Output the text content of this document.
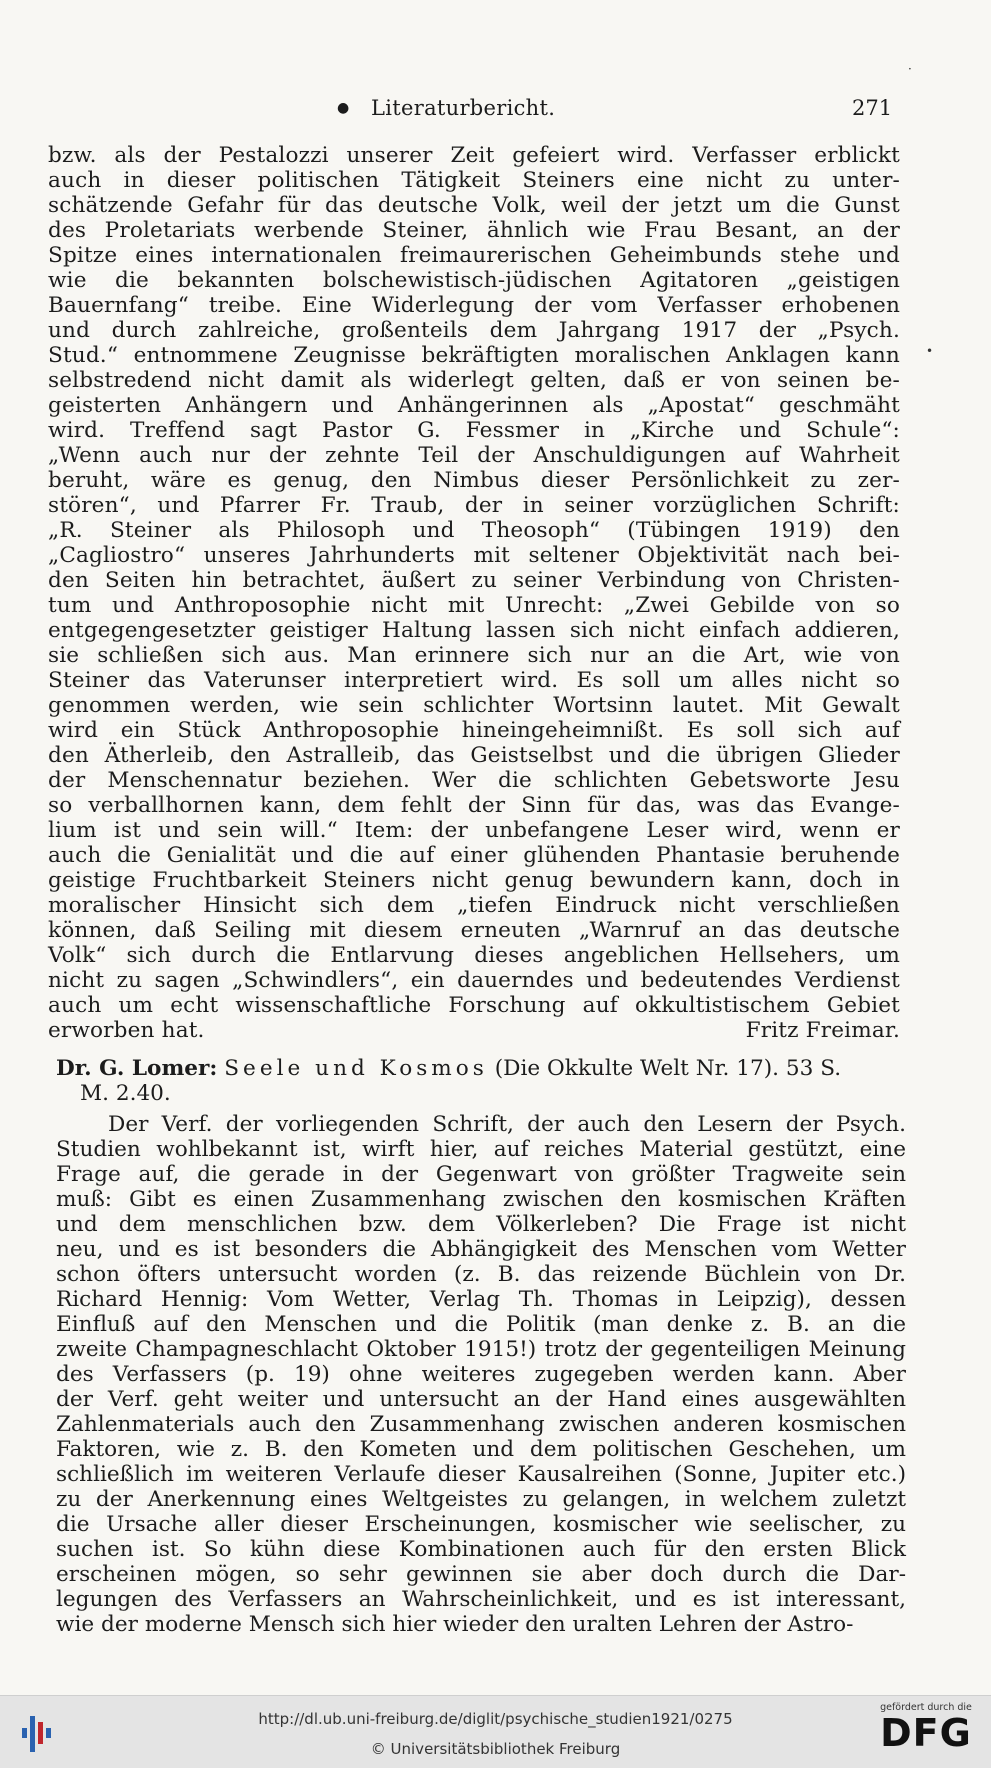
● Literaturbericht.	271
·
•
bzw. als der Pestalozzi unserer Zeit gefeiert wird. Verfasser erblickt
auch in dieser politischen Tätigkeit Steiners eine nicht zu unter-
schätzende Gefahr für das deutsche Volk, weil der jetzt um die Gunst
des Proletariats werbende Steiner, ähnlich wie Frau Besant, an der
Spitze eines internationalen freimaurerischen Geheimbunds stehe und
wie die bekannten bolschewistisch-jüdischen Agitatoren „geistigen
Bauernfang“ treibe. Eine Widerlegung der vom Verfasser erhobenen
und durch zahlreiche, großenteils dem Jahrgang 1917 der „Psych.
Stud.“ entnommene Zeugnisse bekräftigten moralischen Anklagen kann
selbstredend nicht damit als widerlegt gelten, daß er von seinen be-
geisterten Anhängern und Anhängerinnen als „Apostat“ geschmäht
wird. Treffend sagt Pastor G. Fessmer in „Kirche und Schule“:
„Wenn auch nur der zehnte Teil der Anschuldigungen auf Wahrheit
beruht, wäre es genug, den Nimbus dieser Persönlichkeit zu zer-
stören“, und Pfarrer Fr. Traub, der in seiner vorzüglichen Schrift:
„R. Steiner als Philosoph und Theosoph“ (Tübingen 1919) den
„Cagliostro“ unseres Jahrhunderts mit seltener Objektivität nach bei-
den Seiten hin betrachtet, äußert zu seiner Verbindung von Christen-
tum und Anthroposophie nicht mit Unrecht: „Zwei Gebilde von so
entgegengesetzter geistiger Haltung lassen sich nicht einfach addieren,
sie schließen sich aus. Man erinnere sich nur an die Art, wie von
Steiner das Vaterunser interpretiert wird. Es soll um alles nicht so
genommen werden, wie sein schlichter Wortsinn lautet. Mit Gewalt
wird ein Stück Anthroposophie hineingeheimnißt. Es soll sich auf
den Ätherleib, den Astralleib, das Geistselbst und die übrigen Glieder
der Menschennatur beziehen. Wer die schlichten Gebetsworte Jesu
so verballhornen kann, dem fehlt der Sinn für das, was das Evange-
lium ist und sein will.“ Item: der unbefangene Leser wird, wenn er
auch die Genialität und die auf einer glühenden Phantasie beruhende
geistige Fruchtbarkeit Steiners nicht genug bewundern kann, doch in
moralischer Hinsicht sich dem „tiefen Eindruck nicht verschließen
können, daß Seiling mit diesem erneuten „Warnruf an das deutsche
Volk“ sich durch die Entlarvung dieses angeblichen Hellsehers, um
nicht zu sagen „Schwindlers“, ein dauerndes und bedeutendes Verdienst
auch um echt wissenschaftliche Forschung auf okkultistischem Gebiet
erworben hat.	Fritz Freimar.
Dr. G. Lomer: Seele und Kosmos (Die Okkulte Welt Nr. 17). 53 S.
M. 2.40.
Der Verf. der vorliegenden Schrift, der auch den Lesern der Psych.
Studien wohlbekannt ist, wirft hier, auf reiches Material gestützt, eine
Frage auf, die gerade in der Gegenwart von größter Tragweite sein
muß: Gibt es einen Zusammenhang zwischen den kosmischen Kräften
und dem menschlichen bzw. dem Völkerleben? Die Frage ist nicht
neu, und es ist besonders die Abhängigkeit des Menschen vom Wetter
schon öfters untersucht worden (z. B. das reizende Büchlein von Dr.
Richard Hennig: Vom Wetter, Verlag Th. Thomas in Leipzig), dessen
Einfluß auf den Menschen und die Politik (man denke z. B. an die
zweite Champagneschlacht Oktober 1915!) trotz der gegenteiligen Meinung
des Verfassers (p. 19) ohne weiteres zugegeben werden kann. Aber
der Verf. geht weiter und untersucht an der Hand eines ausgewählten
Zahlenmaterials auch den Zusammenhang zwischen anderen kosmischen
Faktoren, wie z. B. den Kometen und dem politischen Geschehen, um
schließlich im weiteren Verlaufe dieser Kausalreihen (Sonne, Jupiter etc.)
zu der Anerkennung eines Weltgeistes zu gelangen, in welchem zuletzt
die Ursache aller dieser Erscheinungen, kosmischer wie seelischer, zu
suchen ist. So kühn diese Kombinationen auch für den ersten Blick
erscheinen mögen, so sehr gewinnen sie aber doch durch die Dar-
legungen des Verfassers an Wahrscheinlichkeit, und es ist interessant,
wie der moderne Mensch sich hier wieder den uralten Lehren der Astro-
http://dl.ub.uni-freiburg.de/diglit/psychische_studien1921/0275
© Universitätsbibliothek Freiburg
gefördert durch die
DFG
